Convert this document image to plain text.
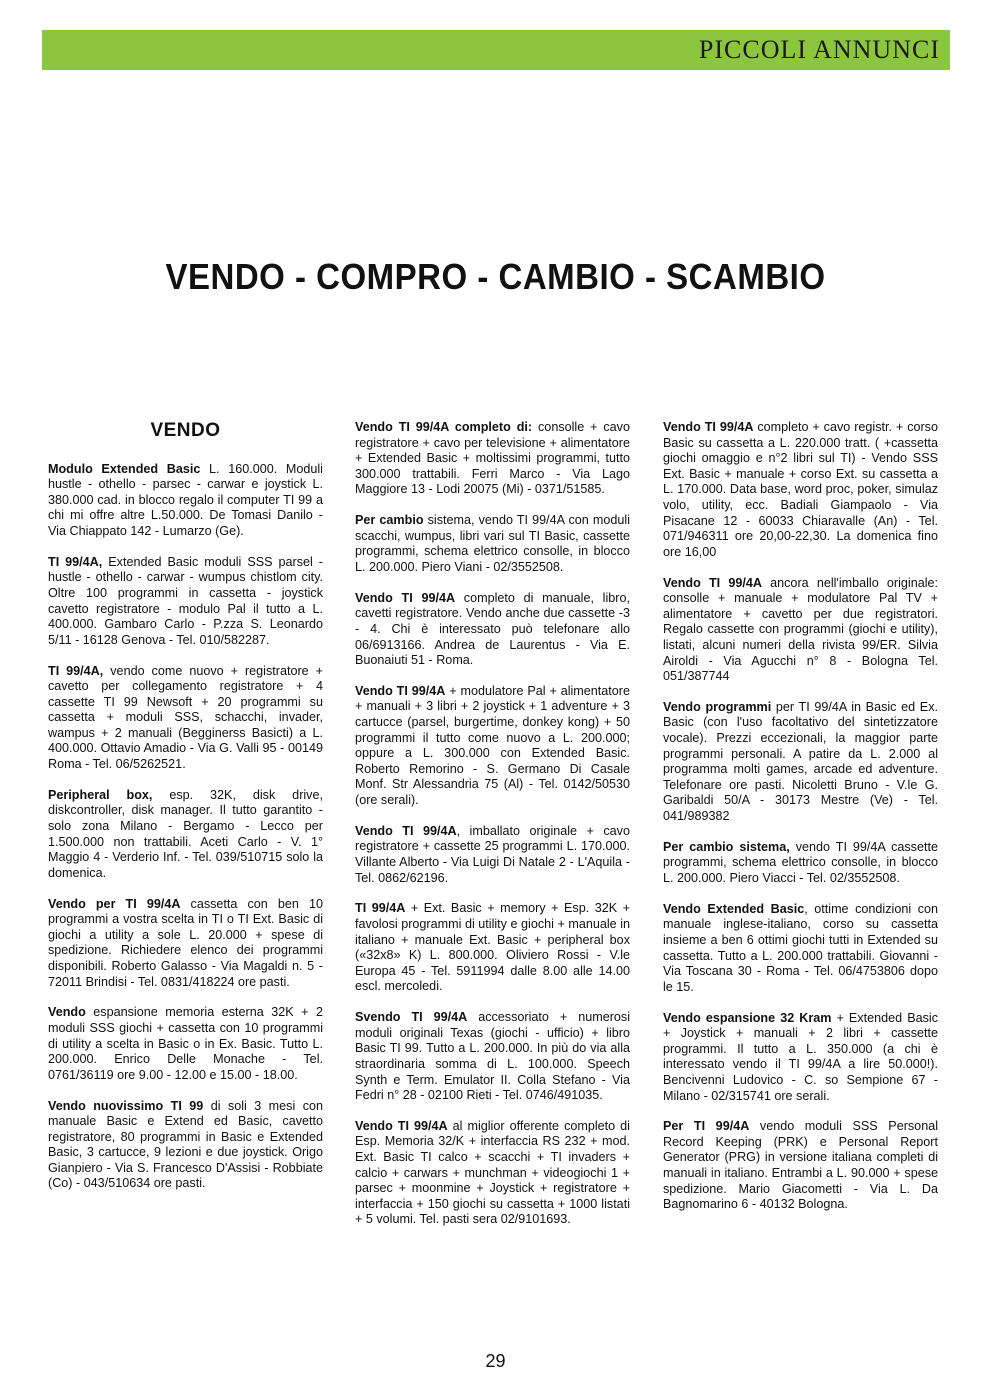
PICCOLI ANNUNCI
VENDO - COMPRO - CAMBIO - SCAMBIO
VENDO

Modulo Extended Basic L. 160.000. Moduli hustle - othello - parsec - carwar e joystick L. 380.000 cad. in blocco regalo il computer TI 99 a chi mi offre altre L.50.000. De Tomasi Danilo - Via Chiappato 142 - Lumarzo (Ge).

TI 99/4A, Extended Basic moduli SSS parsel - hustle - othello - carwar - wumpus chistlom city. Oltre 100 programmi in cassetta - joystick cavetto registratore - modulo Pal il tutto a L. 400.000. Gambaro Carlo - P.zza S. Leonardo 5/11 - 16128 Genova - Tel. 010/582287.

TI 99/4A, vendo come nuovo + registratore + cavetto per collegamento registratore + 4 cassette TI 99 Newsoft + 20 programmi su cassetta + moduli SSS, schacchi, invader, wampus + 2 manuali (Begginerss Basicti) a L. 400.000. Ottavio Amadio - Via G. Valli 95 - 00149 Roma - Tel. 06/5262521.

Peripheral box, esp. 32K, disk drive, diskcontroller, disk manager. Il tutto garantito - solo zona Milano - Bergamo - Lecco per 1.500.000 non trattabili. Aceti Carlo - V. 1° Maggio 4 - Verderio Inf. - Tel. 039/510715 solo la domenica.

Vendo per TI 99/4A cassetta con ben 10 programmi a vostra scelta in TI o TI Ext. Basic di giochi a utility a sole L. 20.000 + spese di spedizione. Richiedere elenco dei programmi disponibili. Roberto Galasso - Via Magaldi n. 5 - 72011 Brindisi - Tel. 0831/418224 ore pasti.

Vendo espansione memoria esterna 32K + 2 moduli SSS giochi + cassetta con 10 programmi di utility a scelta in Basic o in Ex. Basic. Tutto L. 200.000. Enrico Delle Monache - Tel. 0761/36119 ore 9.00 - 12.00 e 15.00 - 18.00.

Vendo nuovissimo TI 99 di soli 3 mesi con manuale Basic e Extend ed Basic, cavetto registratore, 80 programmi in Basic e Extended Basic, 3 cartucce, 9 lezioni e due joystick. Origo Gianpiero - Via S. Francesco D'Assisi - Robbiate (Co) - 043/510634 ore pasti.

Vendo TI 99/4A completo di: consolle + cavo registratore + cavo per televisione + alimentatore + Extended Basic + moltissimi programmi, tutto 300.000 trattabili. Ferri Marco - Via Lago Maggiore 13 - Lodi 20075 (Mi) - 0371/51585.

Per cambio sistema, vendo TI 99/4A con moduli scacchi, wumpus, libri vari sul TI Basic, cassette programmi, schema elettrico consolle, in blocco L. 200.000. Piero Viani - 02/3552508.

Vendo TI 99/4A completo di manuale, libro, cavetti registratore. Vendo anche due cassette -3 - 4. Chi è interessato può telefonare allo 06/6913166. Andrea de Laurentus - Via E. Buonaiuti 51 - Roma.

Vendo TI 99/4A + modulatore Pal + alimentatore + manuali + 3 libri + 2 joystick + 1 adventure + 3 cartucce (parsel, burgertime, donkey kong) + 50 programmi il tutto come nuovo a L. 200.000; oppure a L. 300.000 con Extended Basic. Roberto Remorino - S. Germano Di Casale Monf. Str Alessandria 75 (Al) - Tel. 0142/50530 (ore serali).

Vendo TI 99/4A, imballato originale + cavo registratore + cassette 25 programmi L. 170.000. Villante Alberto - Via Luigi Di Natale 2 - L'Aquila - Tel. 0862/62196.

TI 99/4A + Ext. Basic + memory + Esp. 32K + favolosi programmi di utility e giochi + manuale in italiano + manuale Ext. Basic + peripheral box («32x8» K) L. 800.000. Oliviero Rossi - V.le Europa 45 - Tel. 5911994 dalle 8.00 alle 14.00 escl. mercoledi.

Svendo TI 99/4A accessoriato + numerosi moduli originali Texas (giochi - ufficio) + libro Basic TI 99. Tutto a L. 200.000. In più do via alla straordinaria somma di L. 100.000. Speech Synth e Term. Emulator II. Colla Stefano - Via Fedri n° 28 - 02100 Rieti - Tel. 0746/491035.

Vendo TI 99/4A al miglior offerente completo di Esp. Memoria 32/K + interfaccia RS 232 + mod. Ext. Basic TI calco + scacchi + TI invaders + calcio + carwars + munchman + videogiochi 1 + parsec + moonmine + Joystick + registratore + interfaccia + 150 giochi su cassetta + 1000 listati + 5 volumi. Tel. pasti sera 02/9101693.

Vendo TI 99/4A completo + cavo registr. + corso Basic su cassetta a L. 220.000 tratt. ( +cassetta giochi omaggio e n°2 libri sul TI) - Vendo SSS Ext. Basic + manuale + corso Ext. su cassetta a L. 170.000. Data base, word proc, poker, simulaz volo, utility, ecc. Badiali Giampaolo - Via Pisacane 12 - 60033 Chiaravalle (An) - Tel. 071/946311 ore 20,00-22,30. La domenica fino ore 16,00

Vendo TI 99/4A ancora nell'imballo originale: consolle + manuale + modulatore Pal TV + alimentatore + cavetto per due registratori. Regalo cassette con programmi (giochi e utility), listati, alcuni numeri della rivista 99/ER. Silvia Airoldi - Via Agucchi n° 8 - Bologna Tel. 051/387744

Vendo programmi per TI 99/4A in Basic ed Ex. Basic (con l'uso facoltativo del sintetizzatore vocale). Prezzi eccezionali, la maggior parte programmi personali. A patire da L. 2.000 al programma molti games, arcade ed adventure. Telefonare ore pasti. Nicoletti Bruno - V.le G. Garibaldi 50/A - 30173 Mestre (Ve) - Tel. 041/989382

Per cambio sistema, vendo TI 99/4A cassette programmi, schema elettrico consolle, in blocco L. 200.000. Piero Viacci - Tel. 02/3552508.

Vendo Extended Basic, ottime condizioni con manuale inglese-italiano, corso su cassetta insieme a ben 6 ottimi giochi tutti in Extended su cassetta. Tutto a L. 200.000 trattabili. Giovanni - Via Toscana 30 - Roma - Tel. 06/4753806 dopo le 15.

Vendo espansione 32 Kram + Extended Basic + Joystick + manuali + 2 libri + cassette programmi. Il tutto a L. 350.000 (a chi è interessato vendo il TI 99/4A a lire 50.000!). Bencivenni Ludovico - C. so Sempione 67 - Milano - 02/315741 ore serali.

Per TI 99/4A vendo moduli SSS Personal Record Keeping (PRK) e Personal Report Generator (PRG) in versione italiana completi di manuali in italiano. Entrambi a L. 90.000 + spese spedizione. Mario Giacometti - Via L. Da Bagnomarino 6 - 40132 Bologna.

29
